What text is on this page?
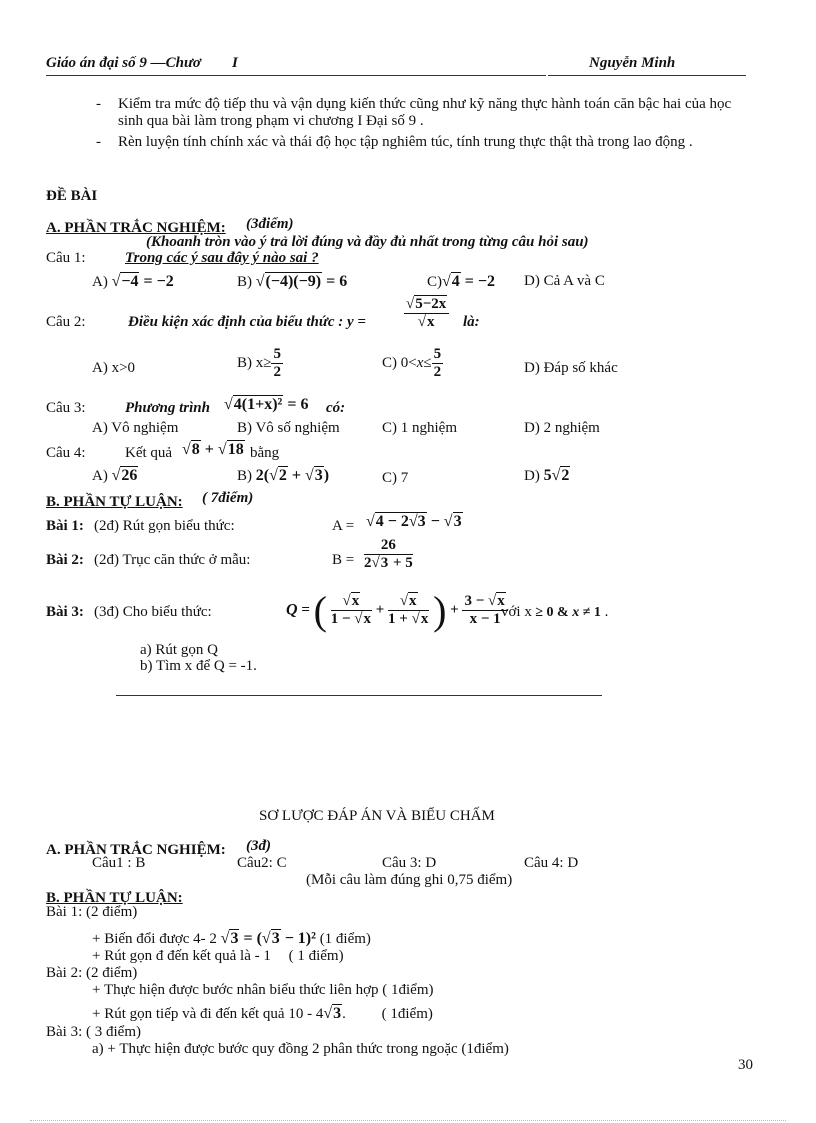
Giáo án đại số 9 —Chươ I	Nguyễn Minh
- Kiểm tra mức độ tiếp thu và vận dụng kiến thức cũng như kỹ năng thực hành toán căn bậc hai của học sinh qua bài làm trong phạm vi chương I Đại số 9 .
- Rèn luyện tính chính xác và thái độ học tập nghiêm túc, tính trung thực thật thà trong lao động .
ĐỀ BÀI
A. PHẦN TRẮC NGHIỆM: (3điểm)
(Khoanh tròn vào ý trả lời đúng và đầy đủ nhất trong từng câu hỏi sau)
Câu 1:	Trong các ý sau đây ý nào sai ?
A) √−4 = −2	B) √(−4)(−9) = 6	C)√4 = −2 D) Cả A và C
Câu 2:	Điều kiện xác định của biểu thức : y =	$\frac{√5-2x}{√x}$ là:
A) x>0	B) $x\ge \frac{5}{2}$	C) $0<x\le \frac{5}{2}$	D) Đáp số khác
Câu 3:	Phương trình √4(1+x)² = 6 có:
A) Vô nghiệm	B) Vô số nghiệm	C) 1 nghiệm	D) 2 nghiệm
Câu 4:	Kết quả √8 + √18 bằng
A) √26	B) 2(√2 + √3)	C) 7	D) 5√2
B. PHẦN TỰ LUẬN: ( 7điểm)
Bài 1: (2đ) Rút gọn biểu thức:	A = √4 − 2√3 − √3
Bài 2: (2đ) Trục căn thức ở mẫu:	$B = \frac{26}{2√3 + 5}$
Bài 3: (3đ) Cho biểu thức:	Q = ( $\frac{√x}{1 - √x} + \frac{√x}{1 + √x}$ ) + $\frac{3 - √x}{x - 1}$
với x ≥ 0 & x ≠ 1 .
a) Rút gọn Q
b) Tìm x để Q = -1.
SƠ LƯỢC ĐÁP ÁN VÀ BIỂU CHẤM
A. PHẦN TRẮC NGHIỆM: (3đ)
Câu1 : B	Câu2: C	Câu 3: D	Câu 4: D
(Mỗi câu làm đúng ghi 0,75 điểm)
B. PHẦN TỰ LUẬN:
Bài 1: (2 điểm)
+ Biến đổi được 4- 2 √3 = (√3 − 1)² (1 điểm)
+ Rút gọn đ đến kết quả là - 1 ( 1 điểm)
Bài 2: (2 điểm)
+ Thực hiện được bước nhân biểu thức liên hợp ( 1điểm)
+ Rút gọn tiếp và đi đến kết quả 10 - 4√3. ( 1điểm)
Bài 3: ( 3 điểm)
a) + Thực hiện được bước quy đồng 2 phân thức trong ngoặc (1điểm)
30
